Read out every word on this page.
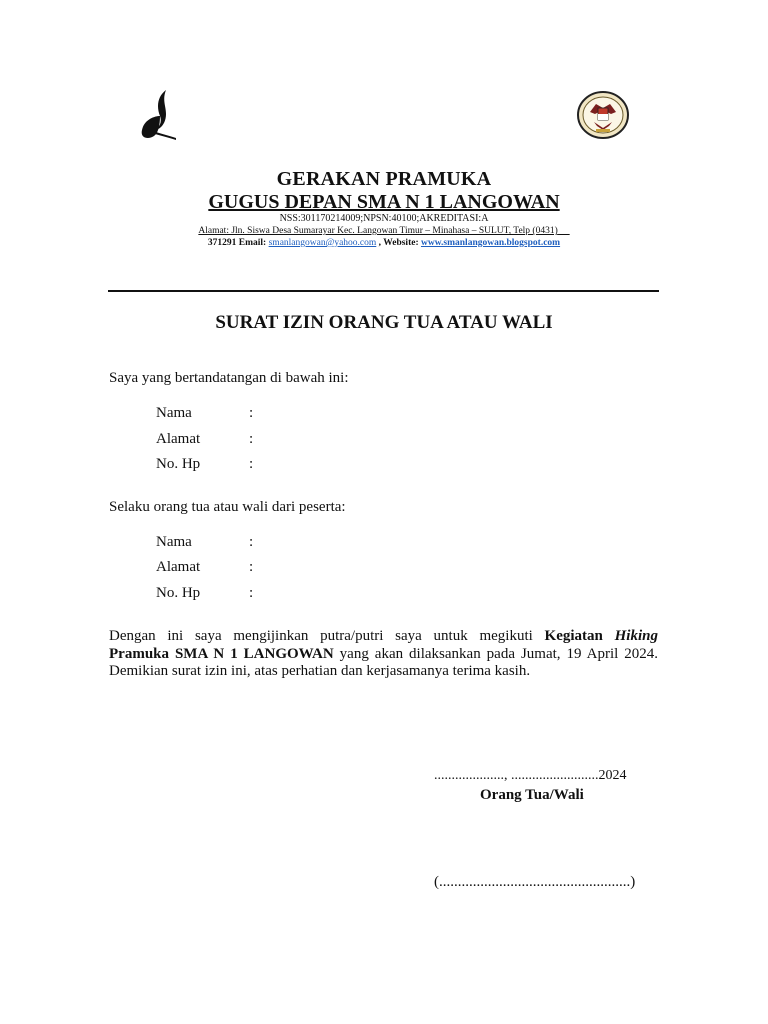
GERAKAN PRAMUKA
GUGUS DEPAN SMA N 1 LANGOWAN
NSS:301170214009;NPSN:40100;AKREDITASI:A
Alamat: Jln. Siswa Desa Sumarayar Kec. Langowan Timur – Minahasa – SULUT, Telp (0431)
371291 Email: smanlangowan@yahoo.com , Website: www.smanlangowan.blogspot.com
SURAT IZIN ORANG TUA ATAU WALI
Saya yang bertandatangan di bawah ini:
Nama	:
Alamat	:
No. Hp	:
Selaku orang tua atau wali dari peserta:
Nama	:
Alamat	:
No. Hp	:
Dengan ini saya mengijinkan putra/putri saya untuk megikuti Kegiatan Hiking
Pramuka SMA N 1 LANGOWAN yang akan dilaksankan pada Jumat, 19 April 2024.
Demikian surat izin ini, atas perhatian dan kerjasamanya terima kasih.
...................., .........................2024
Orang Tua/Wali
(...................................................)
